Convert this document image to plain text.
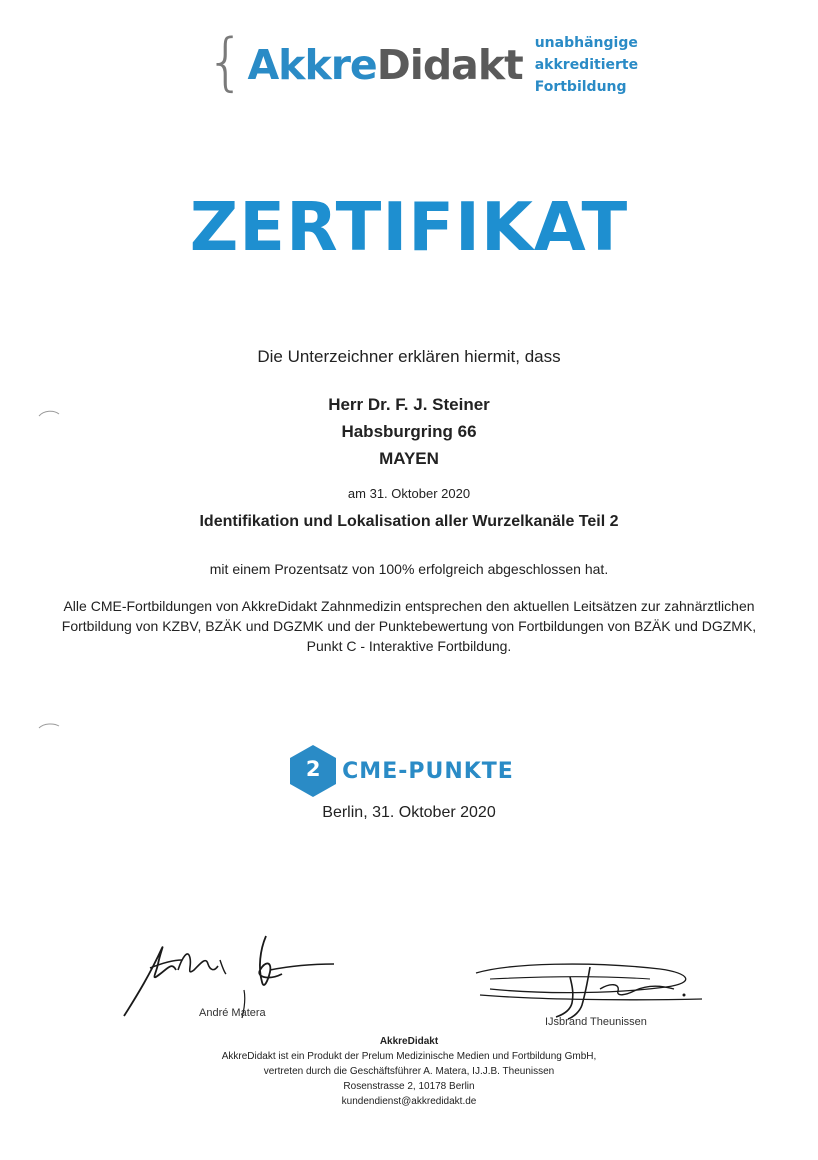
{ AkkreDidakt unabhängige
akkreditierte
Fortbildung
ZERTIFIKAT
Die Unterzeichner erklären hiermit, dass
Herr Dr. F. J. Steiner
Habsburgring 66
MAYEN
am 31. Oktober 2020
Identifikation und Lokalisation aller Wurzelkanäle Teil 2
mit einem Prozentsatz von 100% erfolgreich abgeschlossen hat.
Alle CME-Fortbildungen von AkkreDidakt Zahnmedizin entsprechen den aktuellen Leitsätzen zur zahnärztlichen Fortbildung von KZBV, BZÄK und DGZMK und der Punktebewertung von Fortbildungen von BZÄK und DGZMK, Punkt C - Interaktive Fortbildung.
2 CME-PUNKTE
Berlin, 31. Oktober 2020
André Matera
IJsbrand Theunissen
AkkreDidakt
AkkreDidakt ist ein Produkt der Prelum Medizinische Medien und Fortbildung GmbH,
vertreten durch die Geschäftsführer A. Matera, IJ.J.B. Theunissen
Rosenstrasse 2, 10178 Berlin
kundendienst@akkredidakt.de
